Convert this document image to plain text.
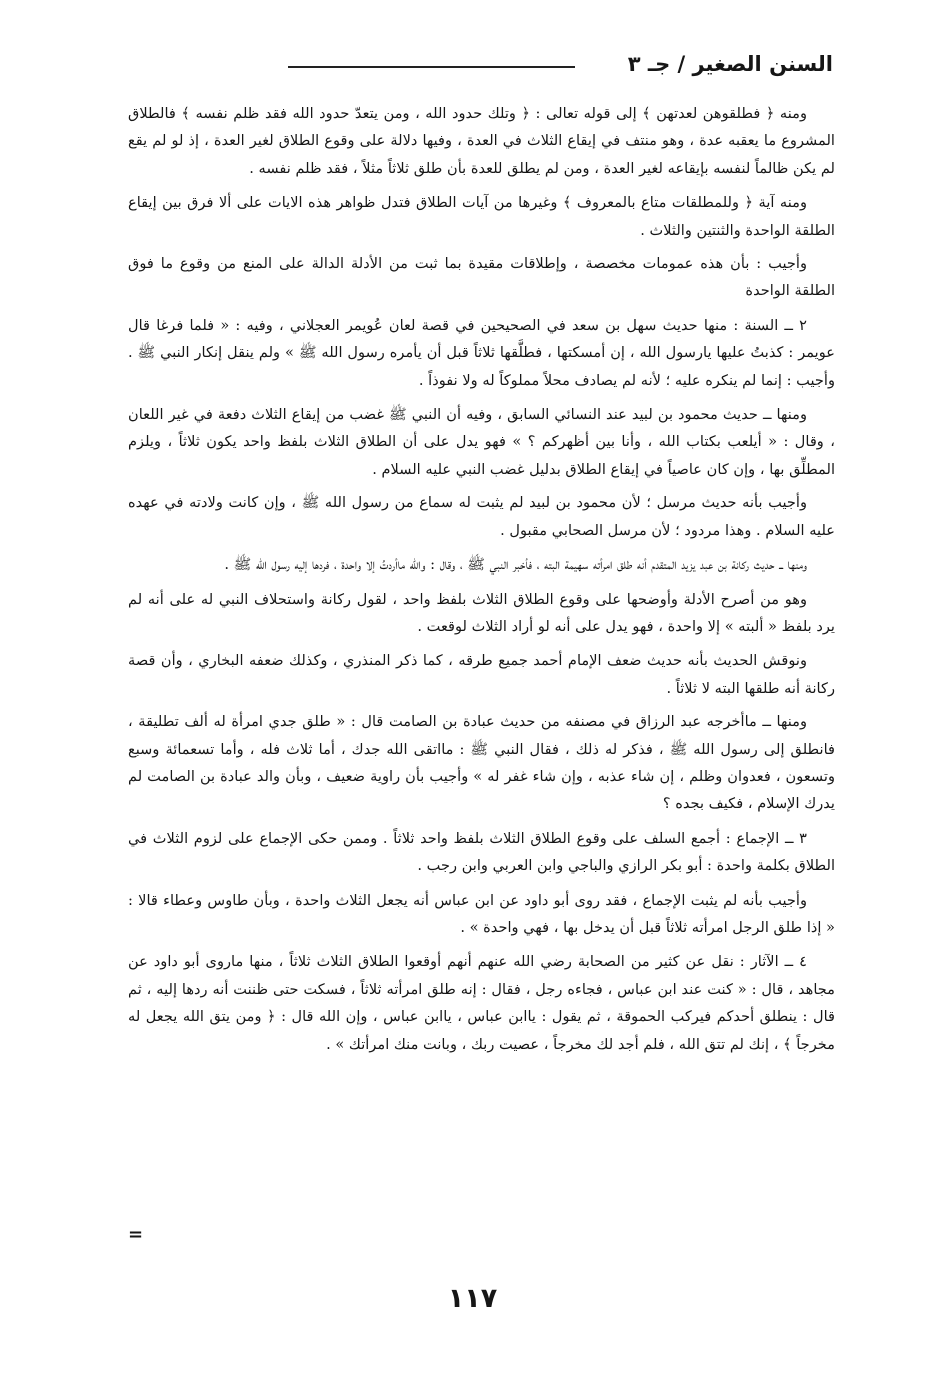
السنن الصغير / جـ ٣

ومنه ﴿ فطلقوهن لعدتهن ﴾ إلى قوله تعالى : ﴿ وتلك حدود الله ، ومن يتعدّ حدود الله فقد ظلم نفسه ﴾ فالطلاق المشروع ما يعقبه عدة ، وهو منتف في إيقاع الثلاث في العدة ، وفيها دلالة على وقوع الطلاق لغير العدة ، إذ لو لم يقع لم يكن ظالماً لنفسه بإيقاعه لغير العدة ، ومن لم يطلق للعدة بأن طلق ثلاثاً مثلاً ، فقد ظلم نفسه .

ومنه آية ﴿ وللمطلقات متاع بالمعروف ﴾ وغيرها من آيات الطلاق فتدل ظواهر هذه الايات على ألا فرق بين إيقاع الطلقة الواحدة والثنتين والثلاث .

وأجيب : بأن هذه عمومات مخصصة ، وإطلاقات مقيدة بما ثبت من الأدلة الدالة على المنع من وقوع ما فوق الطلقة الواحدة

٢ ــ السنة : منها حديث سهل بن سعد في الصحيحين في قصة لعان عُويمر العجلاني ، وفيه : « فلما فرغا قال عويمر : كذبتُ عليها يارسول الله ، إن أمسكتها ، فطلَّقها ثلاثاً قبل أن يأمره رسول الله ﷺ » ولم ينقل إنكار النبي ﷺ . وأجيب : إنما لم ينكره عليه ؛ لأنه لم يصادف محلاً مملوكاً له ولا نفوذاً .

ومنها ــ حديث محمود بن لبيد عند النسائي السابق ، وفيه أن النبي ﷺ غضب من إيقاع الثلاث دفعة في غير اللعان ، وقال : « أيلعب بكتاب الله ، وأنا بين أظهركم ؟ » فهو يدل على أن الطلاق الثلاث بلفظ واحد يكون ثلاثاً ، ويلزم المطلِّق بها ، وإن كان عاصياً في إيقاع الطلاق بدليل غضب النبي عليه السلام .

وأجيب بأنه حديث مرسل ؛ لأن محمود بن لبيد لم يثبت له سماع من رسول الله ﷺ ، وإن كانت ولادته في عهده عليه السلام . وهذا مردود ؛ لأن مرسل الصحابي مقبول .

ومنها ــ حديث ركانة بن عبد يزيد المتقدم أنه طلق امرأته سهيمة البته ، فأخبر النبي ﷺ ، وقال : والله ماأردتُ إلا واحدة ، فردها إليه رسول الله ﷺ .

وهو من أصرح الأدلة وأوضحها على وقوع الطلاق الثلاث بلفظ واحد ، لقول ركانة واستحلاف النبي له على أنه لم يرد بلفظ « ألبته » إلا واحدة ، فهو يدل على أنه لو أراد الثلاث لوقعت .

ونوقش الحديث بأنه حديث ضعف الإمام أحمد جميع طرقه ، كما ذكر المنذري ، وكذلك ضعفه البخاري ، وأن قصة ركانة أنه طلقها البته لا ثلاثاً .

ومنها ــ ماأخرجه عبد الرزاق في مصنفه من حديث عبادة بن الصامت قال : « طلق جدي امرأة له ألف تطليقة ، فانطلق إلى رسول الله ﷺ ، فذكر له ذلك ، فقال النبي ﷺ : مااتقى الله جدك ، أما ثلاث فله ، وأما تسعمائة وسبع وتسعون ، فعدوان وظلم ، إن شاء عذبه ، وإن شاء غفر له » وأجيب بأن راوية ضعيف ، وبأن والد عبادة بن الصامت لم يدرك الإسلام ، فكيف بجده ؟

٣ ــ الإجماع : أجمع السلف على وقوع الطلاق الثلاث بلفظ واحد ثلاثاً . وممن حكى الإجماع على لزوم الثلاث في الطلاق بكلمة واحدة : أبو بكر الرازي والباجي وابن العربي وابن رجب .

وأجيب بأنه لم يثبت الإجماع ، فقد روى أبو داود عن ابن عباس أنه يجعل الثلاث واحدة ، وبأن طاوس وعطاء قالا : « إذا طلق الرجل امرأته ثلاثاً قبل أن يدخل بها ، فهي واحدة » .

٤ ــ الآثار : نقل عن كثير من الصحابة رضي الله عنهم أنهم أوقعوا الطلاق الثلاث ثلاثاً ، منها ماروى أبو داود عن مجاهد ، قال : « كنت عند ابن عباس ، فجاءه رجل ، فقال : إنه طلق امرأته ثلاثاً ، فسكت حتى ظننت أنه ردها إليه ، ثم قال : ينطلق أحدكم فيركب الحموقة ، ثم يقول : ياابن عباس ، ياابن عباس ، وإن الله قال : ﴿ ومن يتق الله يجعل له مخرجاً ﴾ ، إنك لم تتق الله ، فلم أجد لك مخرجاً ، عصيت ربك ، وبانت منك امرأتك » .

=
١١٧
